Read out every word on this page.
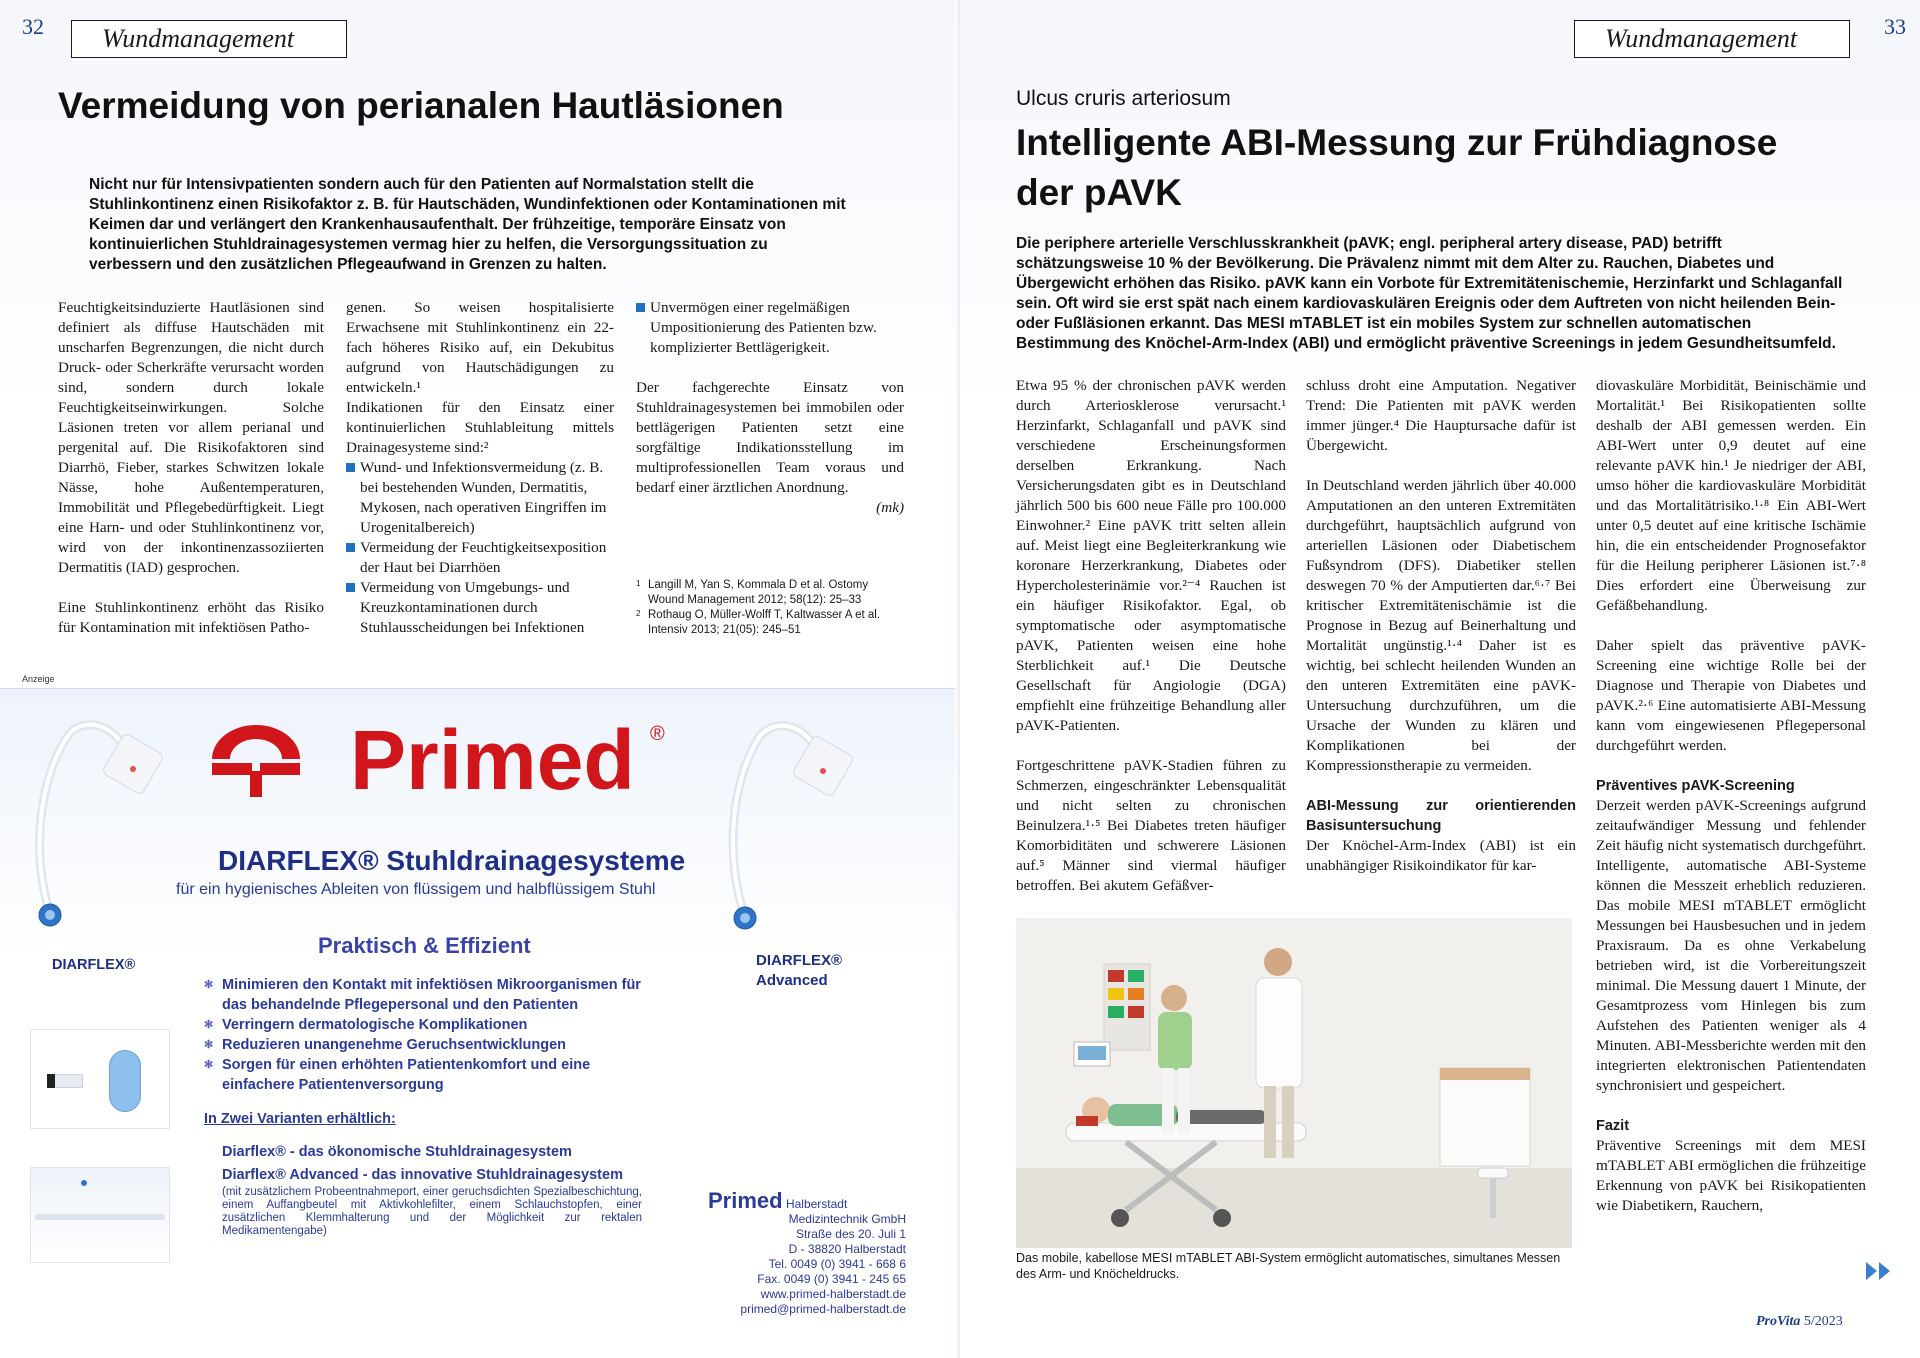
32	Wundmanagement
Vermeidung von perianalen Hautläsionen
Nicht nur für Intensivpatienten sondern auch für den Patienten auf Normalstation stellt die Stuhlinkontinenz einen Risikofaktor z. B. für Hautschäden, Wundinfektionen oder Kontaminationen mit Keimen dar und verlängert den Krankenhausaufenthalt. Der frühzeitige, temporäre Einsatz von kontinuierlichen Stuhldrainagesystemen vermag hier zu helfen, die Versorgungssituation zu verbessern und den zusätzlichen Pflegeaufwand in Grenzen zu halten.

Feuchtigkeitsinduzierte Hautläsionen sind definiert als diffuse Hautschäden mit unscharfen Begrenzungen, die nicht durch Druck- oder Scherkräfte verursacht worden sind, sondern durch lokale Feuchtigkeitseinwirkungen. Solche Läsionen treten vor allem perianal und pergenital auf. Die Risikofaktoren sind Diarrhö, Fieber, starkes Schwitzen lokale Nässe, hohe Außentemperaturen, Immobilität und Pflegebedürftigkeit. Liegt eine Harn- und oder Stuhlinkontinenz vor, wird von der inkontinenzassoziierten Dermatitis (IAD) gesprochen.

Eine Stuhlinkontinenz erhöht das Risiko für Kontamination mit infektiösen Patho-

genen. So weisen hospitalisierte Erwachsene mit Stuhlinkontinenz ein 22-fach höheres Risiko auf, ein Dekubitus aufgrund von Hautschädigungen zu entwickeln.¹

Indikationen für den Einsatz einer kontinuierlichen Stuhlableitung mittels Drainagesysteme sind:²

Wund- und Infektionsvermeidung (z. B. bei bestehenden Wunden, Dermatitis, Mykosen, nach operativen Eingriffen im Urogenitalbereich)
Vermeidung der Feuchtigkeitsexposition der Haut bei Diarrhöen
Vermeidung von Umgebungs- und Kreuzkontaminationen durch Stuhlausscheidungen bei Infektionen
Unvermögen einer regelmäßigen Umpositionierung des Patienten bzw. komplizierter Bettlägerigkeit.

Der fachgerechte Einsatz von Stuhldrainagesystemen bei immobilen oder bettlägerigen Patienten setzt eine sorgfältige Indikationsstellung im multiprofessionellen Team voraus und bedarf einer ärztlichen Anordnung.

(mk)
1 Langill M, Yan S, Kommala D et al. Ostomy Wound Management 2012; 58(12): 25–33
2 Rothaug O, Müller-Wolff T, Kaltwasser A et al. Intensiv 2013; 21(05): 245–51
Anzeige
DIARFLEX®
Primed ®
DIARFLEX® Stuhldrainagesysteme
für ein hygienisches Ableiten von flüssigem und halbflüssigem Stuhl
Praktisch & Effizient
✻ Minimieren den Kontakt mit infektiösen Mikroorganismen für das behandelnde Pflegepersonal und den Patienten
✻ Verringern dermatologische Komplikationen
✻ Reduzieren unangenehme Geruchsentwicklungen
✻ Sorgen für einen erhöhten Patientenkomfort und eine einfachere Patientenversorgung
DIARFLEX®
Advanced
In Zwei Varianten erhältlich:
Diarflex® - das ökonomische Stuhldrainagesystem
Diarflex® Advanced - das innovative Stuhldrainagesystem
(mit zusätzlichem Probeentnahmeport, einer geruchsdichten Spezialbeschichtung, einem Auffangbeutel mit Aktivkohlefilter, einem Schlauchstopfen, einer zusätzlichen Klemmhalterung und der Möglichkeit zur rektalen Medikamentengabe)
Primed Halberstadt
Medizintechnik GmbH
Straße des 20. Juli 1
D - 38820 Halberstadt
Tel. 0049 (0) 3941 - 668 6
Fax. 0049 (0) 3941 - 245 65
www.primed-halberstadt.de
primed@primed-halberstadt.de
Wundmanagement	33
Ulcus cruris arteriosum
Intelligente ABI-Messung zur Frühdiagnose
der pAVK
Die periphere arterielle Verschlusskrankheit (pAVK; engl. peripheral artery disease, PAD) betrifft schätzungsweise 10 % der Bevölkerung. Die Prävalenz nimmt mit dem Alter zu. Rauchen, Diabetes und Übergewicht erhöhen das Risiko. pAVK kann ein Vorbote für Extremitätenischemie, Herzinfarkt und Schlaganfall sein. Oft wird sie erst spät nach einem kardiovaskulären Ereignis oder dem Auftreten von nicht heilenden Bein- oder Fußläsionen erkannt. Das MESI mTABLET ist ein mobiles System zur schnellen automatischen Bestimmung des Knöchel-Arm-Index (ABI) und ermöglicht präventive Screenings in jedem Gesundheitsumfeld.

Etwa 95 % der chronischen pAVK werden durch Arteriosklerose verursacht.¹ Herzinfarkt, Schlaganfall und pAVK sind verschiedene Erscheinungsformen derselben Erkrankung. Nach Versicherungsdaten gibt es in Deutschland jährlich 500 bis 600 neue Fälle pro 100.000 Einwohner.² Eine pAVK tritt selten allein auf. Meist liegt eine Begleiterkrankung wie koronare Herzerkrankung, Diabetes oder Hypercholesterinämie vor.²⁻⁴ Rauchen ist ein häufiger Risikofaktor. Egal, ob symptomatische oder asymptomatische pAVK, Patienten weisen eine hohe Sterblichkeit auf.¹ Die Deutsche Gesellschaft für Angiologie (DGA) empfiehlt eine frühzeitige Behandlung aller pAVK-Patienten.

Fortgeschrittene pAVK-Stadien führen zu Schmerzen, eingeschränkter Lebensqualität und nicht selten zu chronischen Beinulzera.¹·⁵ Bei Diabetes treten häufiger Komorbiditäten und schwerere Läsionen auf.⁵ Männer sind viermal häufiger betroffen. Bei akutem Gefäßver-

schluss droht eine Amputation. Negativer Trend: Die Patienten mit pAVK werden immer jünger.⁴ Die Hauptursache dafür ist Übergewicht.

In Deutschland werden jährlich über 40.000 Amputationen an den unteren Extremitäten durchgeführt, hauptsächlich aufgrund von arteriellen Läsionen oder Diabetischem Fußsyndrom (DFS). Diabetiker stellen deswegen 70 % der Amputierten dar.⁶·⁷ Bei kritischer Extremitätenischämie ist die Prognose in Bezug auf Beinerhaltung und Mortalität ungünstig.¹·⁴ Daher ist es wichtig, bei schlecht heilenden Wunden an den unteren Extremitäten eine pAVK-Untersuchung durchzuführen, um die Ursache der Wunden zu klären und Komplikationen bei der Kompressionstherapie zu vermeiden.

ABI-Messung zur orientierenden Basisuntersuchung

Der Knöchel-Arm-Index (ABI) ist ein unabhängiger Risikoindikator für kar-

diovaskuläre Morbidität, Beinischämie und Mortalität.¹ Bei Risikopatienten sollte deshalb der ABI gemessen werden. Ein ABI-Wert unter 0,9 deutet auf eine relevante pAVK hin.¹ Je niedriger der ABI, umso höher die kardiovaskuläre Morbidität und das Mortalitätrisiko.¹·⁸ Ein ABI-Wert unter 0,5 deutet auf eine kritische Ischämie hin, die ein entscheidender Prognosefaktor für die Heilung peripherer Läsionen ist.⁷·⁸ Dies erfordert eine Überweisung zur Gefäßbehandlung.

Daher spielt das präventive pAVK-Screening eine wichtige Rolle bei der Diagnose und Therapie von Diabetes und pAVK.²·⁶ Eine automatisierte ABI-Messung kann vom eingewiesenen Pflegepersonal durchgeführt werden.

Präventives pAVK-Screening

Derzeit werden pAVK-Screenings aufgrund zeitaufwändiger Messung und fehlender Zeit häufig nicht systematisch durchgeführt. Intelligente, automatische ABI-Systeme können die Messzeit erheblich reduzieren. Das mobile MESI mTABLET ermöglicht Messungen bei Hausbesuchen und in jedem Praxisraum. Da es ohne Verkabelung betrieben wird, ist die Vorbereitungszeit minimal. Die Messung dauert 1 Minute, der Gesamtprozess vom Hinlegen bis zum Aufstehen des Patienten weniger als 4 Minuten. ABI-Messberichte werden mit den integrierten elektronischen Patientendaten synchronisiert und gespeichert.

Fazit

Präventive Screenings mit dem MESI mTABLET ABI ermöglichen die frühzeitige Erkennung von pAVK bei Risikopatienten wie Diabetikern, Rauchern,

Das mobile, kabellose MESI mTABLET ABI-System ermöglicht automatisches, simultanes Messen des Arm- und Knöcheldrucks.
ProVita 5/2023
